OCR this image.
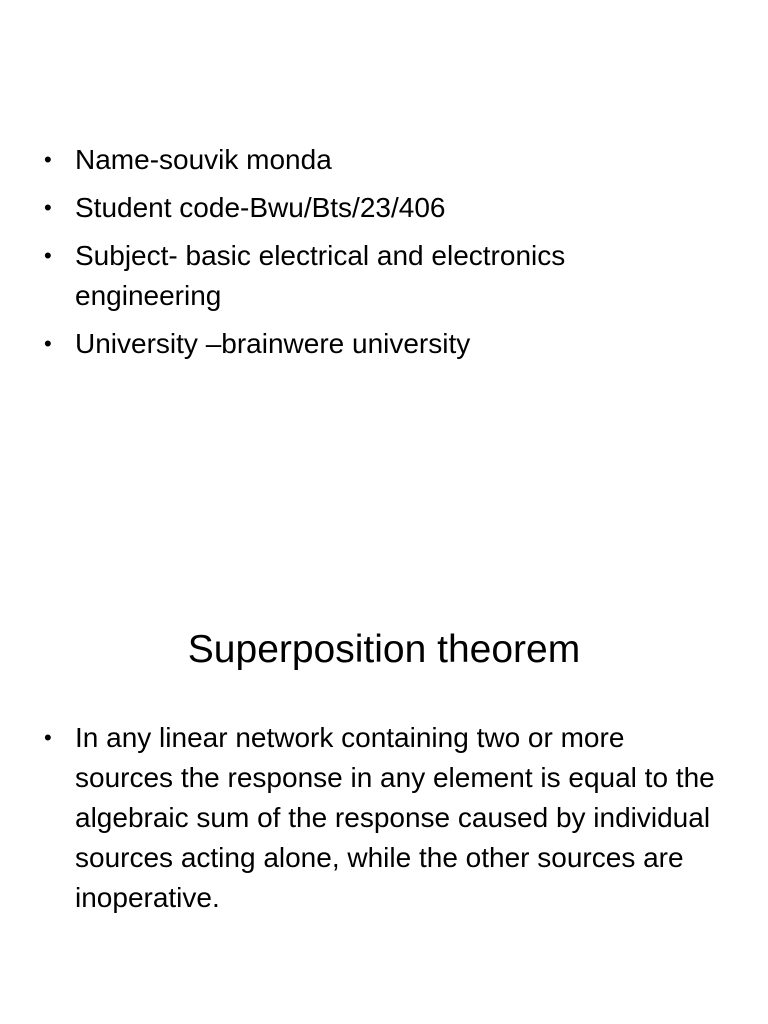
• Name-souvik monda
• Student code-Bwu/Bts/23/406
• Subject- basic electrical and electronics engineering
• University –brainwere university
Superposition theorem
• In any linear network containing two or more sources the response in any element is equal to the algebraic sum of the response caused by individual sources acting alone, while the other sources are inoperative.
